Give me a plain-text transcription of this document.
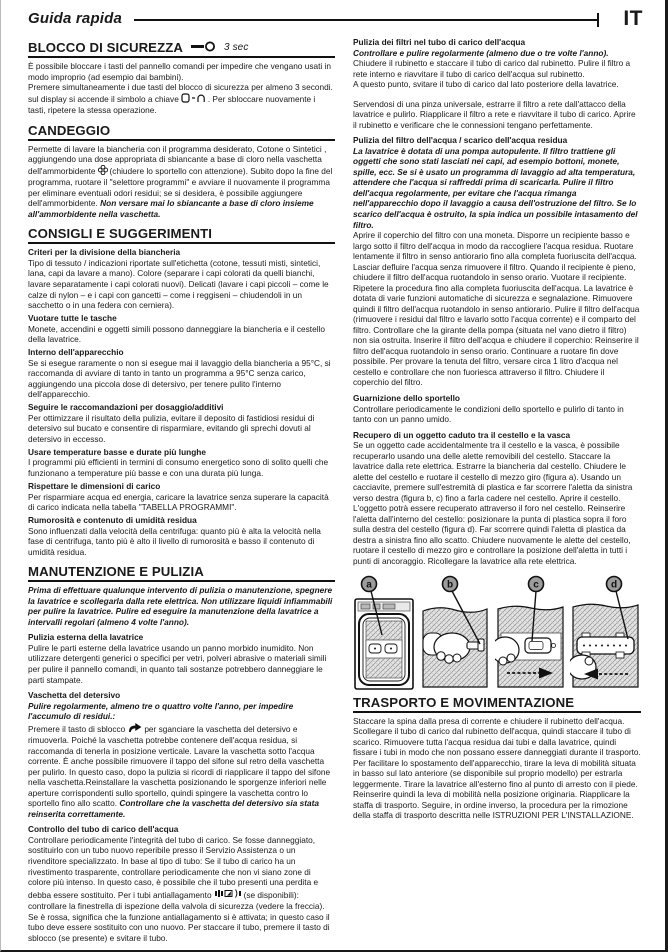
Guida rapida	IT
BLOCCO DI SICUREZZA	3 sec

È possibile bloccare i tasti del pannello comandi per impedire che vengano usati in modo improprio (ad esempio dai bambini).

Premere simultaneamente i due tasti del blocco di sicurezza per almeno 3 secondi. sul display si accende il simbolo a chiave	. Per sbloccare nuovamente i tasti, ripetere la stessa operazione.

CANDEGGIO

Permette di lavare la biancheria con il programma desiderato, Cotone o Sintetici , aggiungendo una dose appropriata di sbiancante a base di cloro nella vaschetta dell'ammorbidente (chiudere lo sportello con attenzione). Subito dopo la fine del programma, ruotare il "selettore programmi" e avviare il nuovamente il programma per eliminare eventuali odori residui; se si desidera, è possibile aggiungere dell'ammorbidente. Non versare mai lo sbiancante a base di cloro insieme all'ammorbidente nella vaschetta.

CONSIGLI E SUGGERIMENTI
Criteri per la divisione della biancheria

Tipo di tessuto / indicazioni riportate sull'etichetta (cotone, tessuti misti, sintetici, lana, capi da lavare a mano). Colore (separare i capi colorati da quelli bianchi, lavare separatamente i capi colorati nuovi). Delicati (lavare i capi piccoli – come le calze di nylon – e i capi con gancetti – come i reggiseni – chiudendoli in un sacchetto o in una federa con cerniera).

Vuotare tutte le tasche

Monete, accendini e oggetti simili possono danneggiare la biancheria e il cestello della lavatrice.

Interno dell'apparecchio

Se si esegue raramente o non si esegue mai il lavaggio della biancheria a 95°C, si raccomanda di avviare di tanto in tanto un programma a 95°C senza carico, aggiungendo una piccola dose di detersivo, per tenere pulito l'interno dell'apparecchio.

Seguire le raccomandazioni per dosaggio/additivi

Per ottimizzare il risultato della pulizia, evitare il deposito di fastidiosi residui di detersivo sul bucato e consentire di risparmiare, evitando gli sprechi dovuti al detersivo in eccesso.

Usare temperature basse e durate più lunghe

I programmi più efficienti in termini di consumo energetico sono di solito quelli che funzionano a temperature più basse e con una durata più lunga.

Rispettare le dimensioni di carico

Per risparmiare acqua ed energia, caricare la lavatrice senza superare la capacità di carico indicata nella tabella "TABELLA PROGRAMMI".

Rumorosità e contenuto di umidità residua

Sono influenzati dalla velocità della centrifuga: quanto più è alta la velocità nella fase di centrifuga, tanto più è alto il livello di rumorosità e basso il contenuto di umidità residua.

MANUTENZIONE E PULIZIA

Prima di effettuare qualunque intervento di pulizia o manutenzione, spegnere la lavatrice e scollegarla dalla rete elettrica. Non utilizzare liquidi infiammabili per pulire la lavatrice. Pulire ed eseguire la manutenzione della lavatrice a intervalli regolari (almeno 4 volte l'anno).

Pulizia esterna della lavatrice

Pulire le parti esterne della lavatrice usando un panno morbido inumidito. Non utilizzare detergenti generici o specifici per vetri, polveri abrasive o materiali simili per pulire il pannello comandi, in quanto tali sostanze potrebbero danneggiare le parti stampate.

Vaschetta del detersivo

Pulire regolarmente, almeno tre o quattro volte l'anno, per impedire l'accumulo di residui.:

Premere il tasto di sblocco per sganciare la vaschetta del detersivo e rimuoverla. Poiché la vaschetta potrebbe contenere dell'acqua residua, si raccomanda di tenerla in posizione verticale. Lavare la vaschetta sotto l'acqua corrente. È anche possibile rimuovere il tappo del sifone sul retro della vaschetta per pulirlo. In questo caso, dopo la pulizia si ricordi di riapplicare il tappo del sifone nella vaschetta.Reinstallare la vaschetta posizionando le sporgenze inferiori nelle aperture corrispondenti sullo sportello, quindi spingere la vaschetta contro lo sportello fino allo scatto. Controllare che la vaschetta del detersivo sia stata reinserita correttamente.

Controllo del tubo di carico dell'acqua

Controllare periodicamente l'integrità del tubo di carico. Se fosse danneggiato, sostituirlo con un tubo nuovo reperibile presso il Servizio Assistenza o un rivenditore specializzato. In base al tipo di tubo: Se il tubo di carico ha un rivestimento trasparente, controllare periodicamente che non vi siano zone di colore più intenso. In questo caso, è possibile che il tubo presenti una perdita e debba essere sostituito. Per i tubi antiallagamento	(se disponibili): controllare la finestrella di ispezione della valvola di sicurezza (vedere la freccia). Se è rossa, significa che la funzione antiallagamento si è attivata; in questo caso il tubo deve essere sostituito con uno nuovo. Per staccare il tubo, premere il tasto di sblocco (se presente) e svitare il tubo.

Pulizia dei filtri nel tubo di carico dell'acqua

Controllare e pulire regolarmente (almeno due o tre volte l'anno).

Chiudere il rubinetto e staccare il tubo di carico dal rubinetto. Pulire il filtro a rete interno e riavvitare il tubo di carico dell'acqua sul rubinetto.

A questo punto, svitare il tubo di carico dal lato posteriore della lavatrice.

Servendosi di una pinza universale, estrarre il filtro a rete dall'attacco della lavatrice e pulirlo. Riapplicare il filtro a rete e riavvitare il tubo di carico. Aprire il rubinetto e verificare che le connessioni tengano perfettamente.

Pulizia del filtro dell'acqua / scarico dell'acqua residua

La lavatrice è dotata di una pompa autopulente. Il filtro trattiene gli oggetti che sono stati lasciati nei capi, ad esempio bottoni, monete, spille, ecc. Se si è usato un programma di lavaggio ad alta temperatura, attendere che l'acqua si raffreddi prima di scaricarla. Pulire il filtro dell'acqua regolarmente, per evitare che l'acqua rimanga nell'apparecchio dopo il lavaggio a causa dell'ostruzione del filtro. Se lo scarico dell'acqua è ostruito, la spia indica un possibile intasamento del filtro.

Aprire il coperchio del filtro con una moneta. Disporre un recipiente basso e largo sotto il filtro dell'acqua in modo da raccogliere l'acqua residua. Ruotare lentamente il filtro in senso antiorario fino alla completa fuoriuscita dell'acqua. Lasciar defluire l'acqua senza rimuovere il filtro. Quando il recipiente è pieno, chiudere il filtro dell'acqua ruotandolo in senso orario. Vuotare il recipiente. Ripetere la procedura fino alla completa fuoriuscita dell'acqua. La lavatrice è dotata di varie funzioni automatiche di sicurezza e segnalazione. Rimuovere quindi il filtro dell'acqua ruotandolo in senso antiorario. Pulire il filtro dell'acqua (rimuovere i residui dal filtro e lavarlo sotto l'acqua corrente) e il comparto del filtro. Controllare che la girante della pompa (situata nel vano dietro il filtro) non sia ostruita. Inserire il filtro dell'acqua e chiudere il coperchio: Reinserire il filtro dell'acqua ruotandolo in senso orario. Continuare a ruotare fin dove possibile. Per provare la tenuta del filtro, versare circa 1 litro d'acqua nel cestello e controllare che non fuoriesca attraverso il filtro. Chiudere il coperchio del filtro.

Guarnizione dello sportello

Controllare periodicamente le condizioni dello sportello e pulirlo di tanto in tanto con un panno umido.

Recupero di un oggetto caduto tra il cestello e la vasca

Se un oggetto cade accidentalmente tra il cestello e la vasca, è possibile recuperarlo usando una delle alette removibili del cestello. Staccare la lavatrice dalla rete elettrica. Estrarre la biancheria dal cestello. Chiudere le alette del cestello e ruotare il cestello di mezzo giro (figura a). Usando un cacciavite, premere sull'estremità di plastica e far scorrere l'aletta da sinistra verso destra (figura b, c) fino a farla cadere nel cestello. Aprire il cestello. L'oggetto potrà essere recuperato attraverso il foro nel cestello. Reinserire l'aletta dall'interno del cestello: posizionare la punta di plastica sopra il foro sulla destra del cestello (figura d). Far scorrere quindi l'aletta di plastica da destra a sinistra fino allo scatto. Chiudere nuovamente le alette del cestello, ruotare il cestello di mezzo giro e controllare la posizione dell'aletta in tutti i punti di ancoraggio. Ricollegare la lavatrice alla rete elettrica.

a	b	c	d
TRASPORTO E MOVIMENTAZIONE

Staccare la spina dalla presa di corrente e chiudere il rubinetto dell'acqua. Scollegare il tubo di carico dal rubinetto dell'acqua, quindi staccare il tubo di scarico. Rimuovere tutta l'acqua residua dai tubi e dalla lavatrice, quindi fissare i tubi in modo che non possano essere danneggiati durante il trasporto. Per facilitare lo spostamento dell'apparecchio, tirare la leva di mobilità situata in basso sul lato anteriore (se disponibile sul proprio modello) per estrarla leggermente. Tirare la lavatrice all'esterno fino al punto di arresto con il piede. Reinserire quindi la leva di mobilità nella posizione originaria. Riapplicare la staffa di trasporto. Seguire, in ordine inverso, la procedura per la rimozione della staffa di trasporto descritta nelle ISTRUZIONI PER L'INSTALLAZIONE.
